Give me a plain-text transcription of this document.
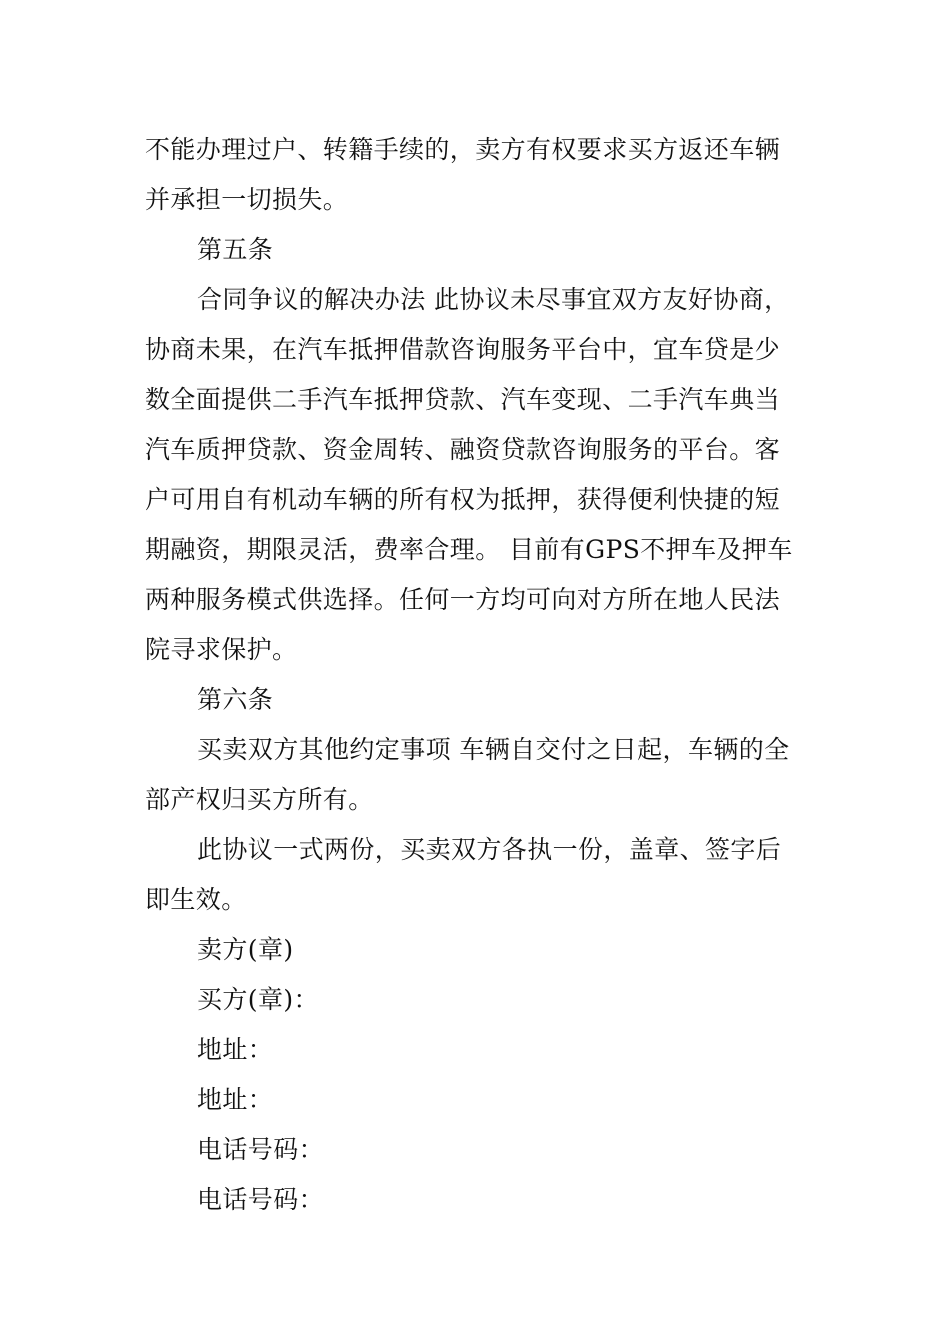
不能办理过户、转籍手续的，卖方有权要求买方返还车辆
并承担一切损失。
第五条
合同争议的解决办法 此协议未尽事宜双方友好协商，
协商未果，在汽车抵押借款咨询服务平台中，宜车贷是少
数全面提供二手汽车抵押贷款、汽车变现、二手汽车典当
汽车质押贷款、资金周转、融资贷款咨询服务的平台。客
户可用自有机动车辆的所有权为抵押，获得便利快捷的短
期融资，期限灵活，费率合理。 目前有GPS不押车及押车
两种服务模式供选择。任何一方均可向对方所在地人民法
院寻求保护。
第六条
买卖双方其他约定事项 车辆自交付之日起，车辆的全
部产权归买方所有。
此协议一式两份，买卖双方各执一份，盖章、签字后
即生效。
卖方(章)
买方(章)：
地址：
地址：
电话号码：
电话号码：
